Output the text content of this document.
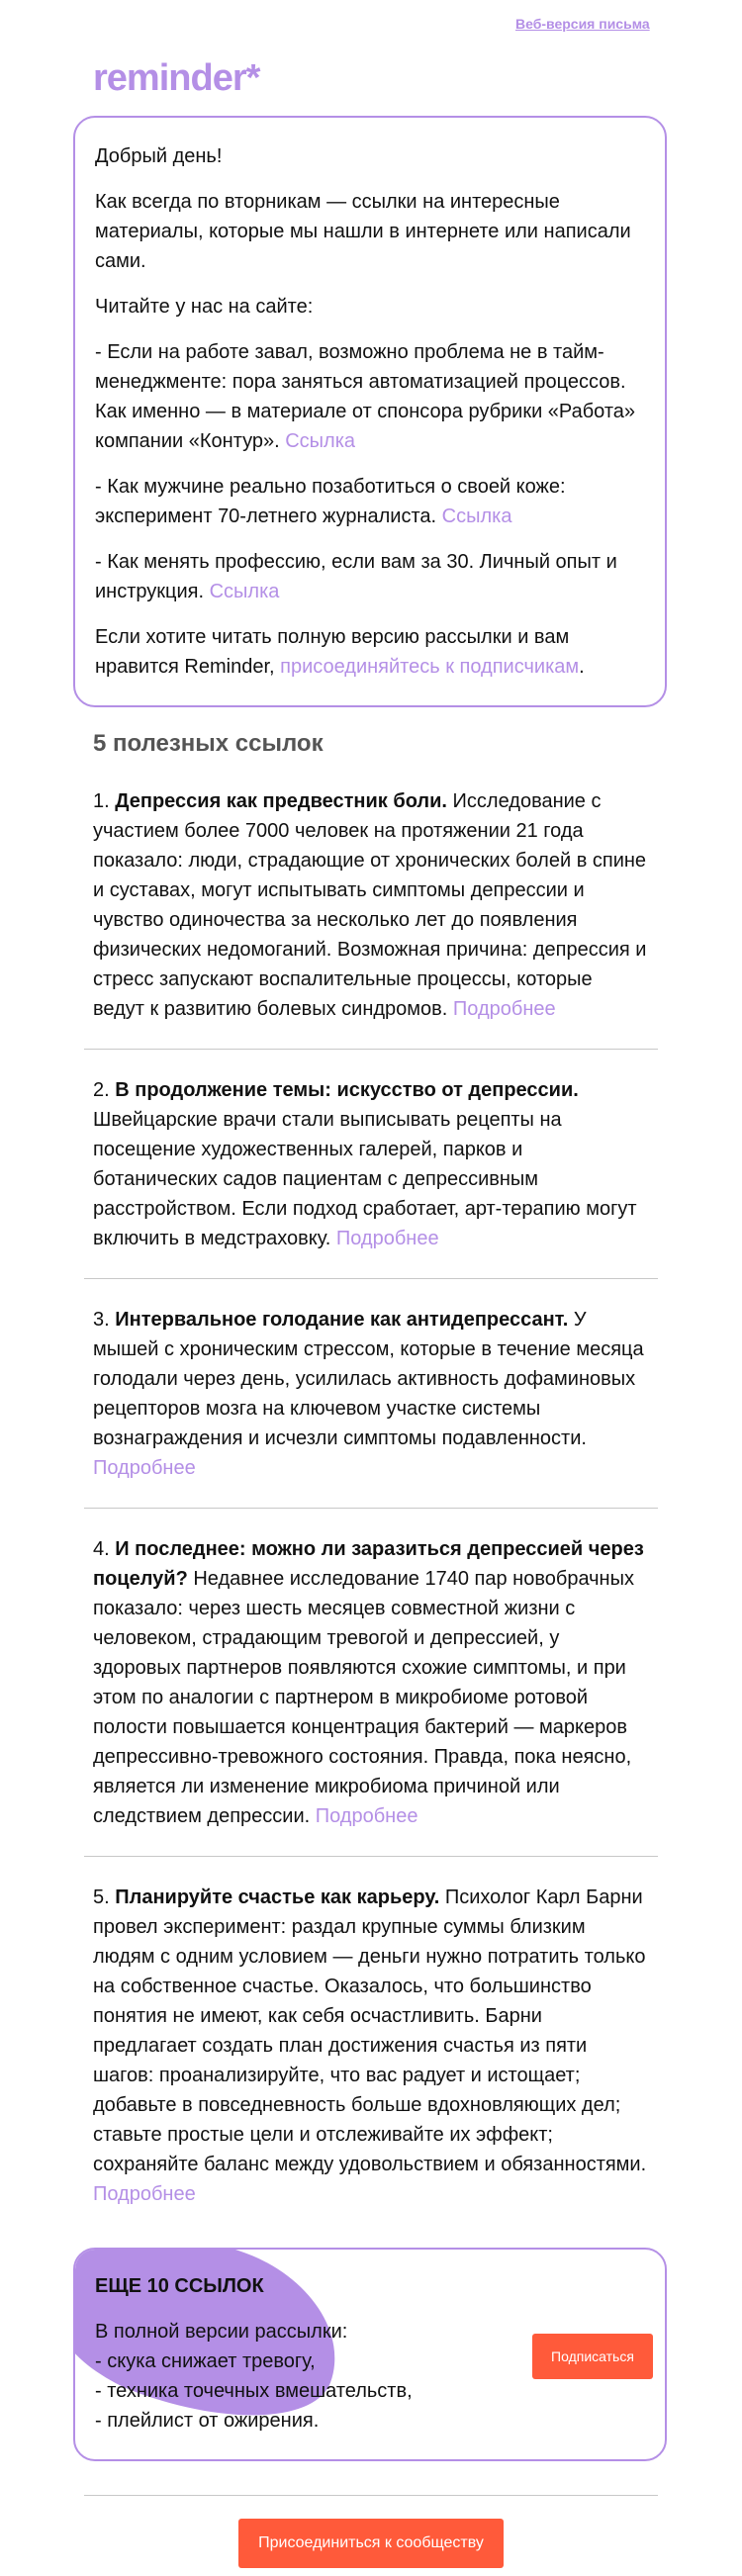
Веб-версия письма
reminder*

Добрый день!

Как всегда по вторникам — ссылки на интересные материалы, которые мы нашли в интернете или написали сами.

Читайте у нас на сайте:

- Если на работе завал, возможно проблема не в тайм-менеджменте: пора заняться автоматизацией процессов. Как именно — в материале от спонсора рубрики «Работа» компании «Контур». Ссылка

- Как мужчине реально позаботиться о своей коже: эксперимент 70-летнего журналиста. Ссылка

- Как менять профессию, если вам за 30. Личный опыт и инструкция. Ссылка

Если хотите читать полную версию рассылки и вам нравится Reminder, присоединяйтесь к подписчикам.

5 полезных ссылок

1. Депрессия как предвестник боли. Исследование с участием более 7000 человек на протяжении 21 года показало: люди, страдающие от хронических болей в спине и суставах, могут испытывать симптомы депрессии и чувство одиночества за несколько лет до появления физических недомоганий. Возможная причина: депрессия и стресс запускают воспалительные процессы, которые ведут к развитию болевых синдромов. Подробнее

2. В продолжение темы: искусство от депрессии. Швейцарские врачи стали выписывать рецепты на посещение художественных галерей, парков и ботанических садов пациентам с депрессивным расстройством. Если подход сработает, арт-терапию могут включить в медстраховку. Подробнее

3. Интервальное голодание как антидепрессант. У мышей с хроническим стрессом, которые в течение месяца голодали через день, усилилась активность дофаминовых рецепторов мозга на ключевом участке системы вознаграждения и исчезли симптомы подавленности. Подробнее

4. И последнее: можно ли заразиться депрессией через поцелуй? Недавнее исследование 1740 пар новобрачных показало: через шесть месяцев совместной жизни с человеком, страдающим тревогой и депрессией, у здоровых партнеров появляются схожие симптомы, и при этом по аналогии с партнером в микробиоме ротовой полости повышается концентрация бактерий — маркеров депрессивно-тревожного состояния. Правда, пока неясно, является ли изменение микробиома причиной или следствием депрессии. Подробнее

5. Планируйте счастье как карьеру. Психолог Карл Барни провел эксперимент: раздал крупные суммы близким людям с одним условием — деньги нужно потратить только на собственное счастье. Оказалось, что большинство понятия не имеют, как себя осчастливить. Барни предлагает создать план достижения счастья из пяти шагов: проанализируйте, что вас радует и истощает; добавьте в повседневность больше вдохновляющих дел; ставьте простые цели и отслеживайте их эффект; сохраняйте баланс между удовольствием и обязанностями. Подробнее

ЕЩЕ 10 ССЫЛОК
В полной версии рассылки:
- скука снижает тревогу,
- техника точечных вмешательств,
- плейлист от ожирения.
Подписаться
Присоединиться к сообществу
